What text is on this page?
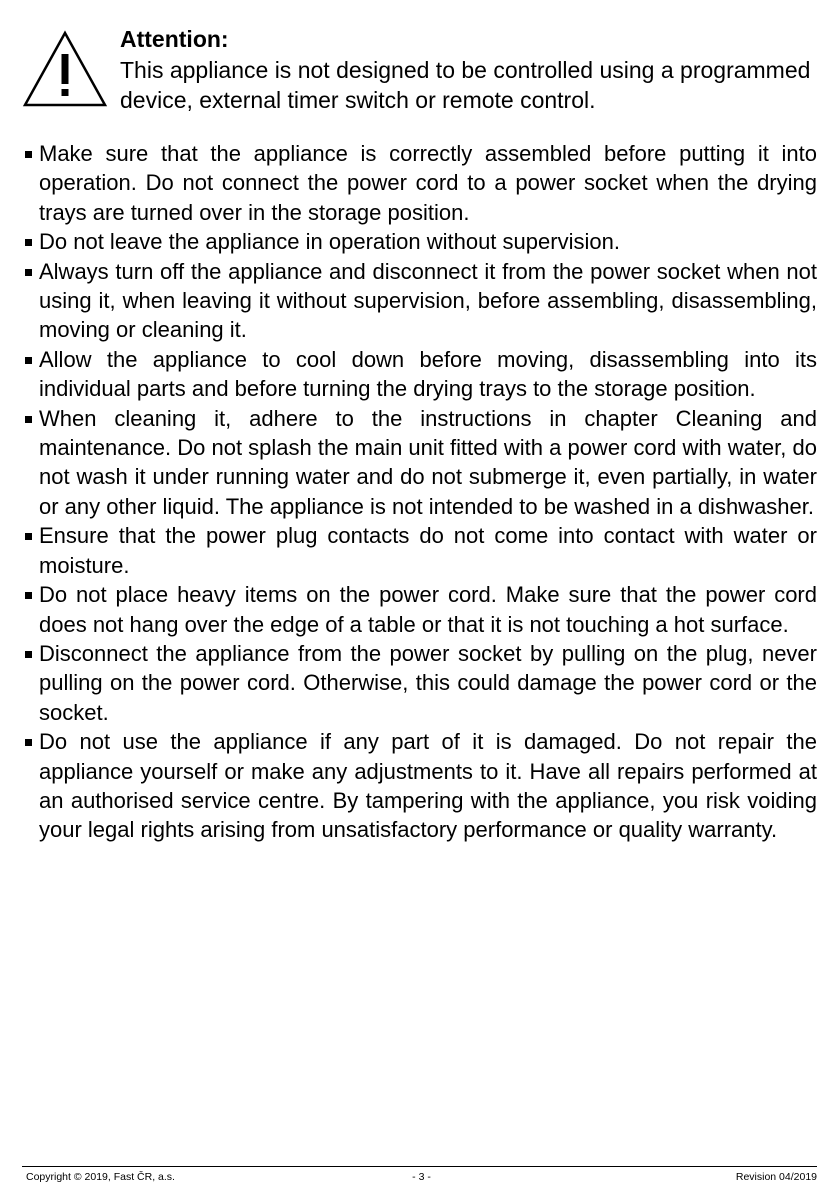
Attention:

This appliance is not designed to be controlled using a programmed device, external timer switch or remote control.

Make sure that the appliance is correctly assembled before putting it into operation. Do not connect the power cord to a power socket when the drying trays are turned over in the storage position.
Do not leave the appliance in operation without supervision.
Always turn off the appliance and disconnect it from the power socket when not using it, when leaving it without supervision, before assembling, disassembling, moving or cleaning it.
Allow the appliance to cool down before moving, disassembling into its individual parts and before turning the drying trays to the storage position.
When cleaning it, adhere to the instructions in chapter Cleaning and maintenance. Do not splash the main unit fitted with a power cord with water, do not wash it under running water and do not submerge it, even partially, in water or any other liquid. The appliance is not intended to be washed in a dishwasher.
Ensure that the power plug contacts do not come into contact with water or moisture.
Do not place heavy items on the power cord. Make sure that the power cord does not hang over the edge of a table or that it is not touching a hot surface.
Disconnect the appliance from the power socket by pulling on the plug, never pulling on the power cord. Otherwise, this could damage the power cord or the socket.
Do not use the appliance if any part of it is damaged. Do not repair the appliance yourself or make any adjustments to it. Have all repairs performed at an authorised service centre. By tampering with the appliance, you risk voiding your legal rights arising from unsatisfactory performance or quality warranty.
Copyright © 2019, Fast ČR, a.s.	- 3 -	Revision 04/2019
